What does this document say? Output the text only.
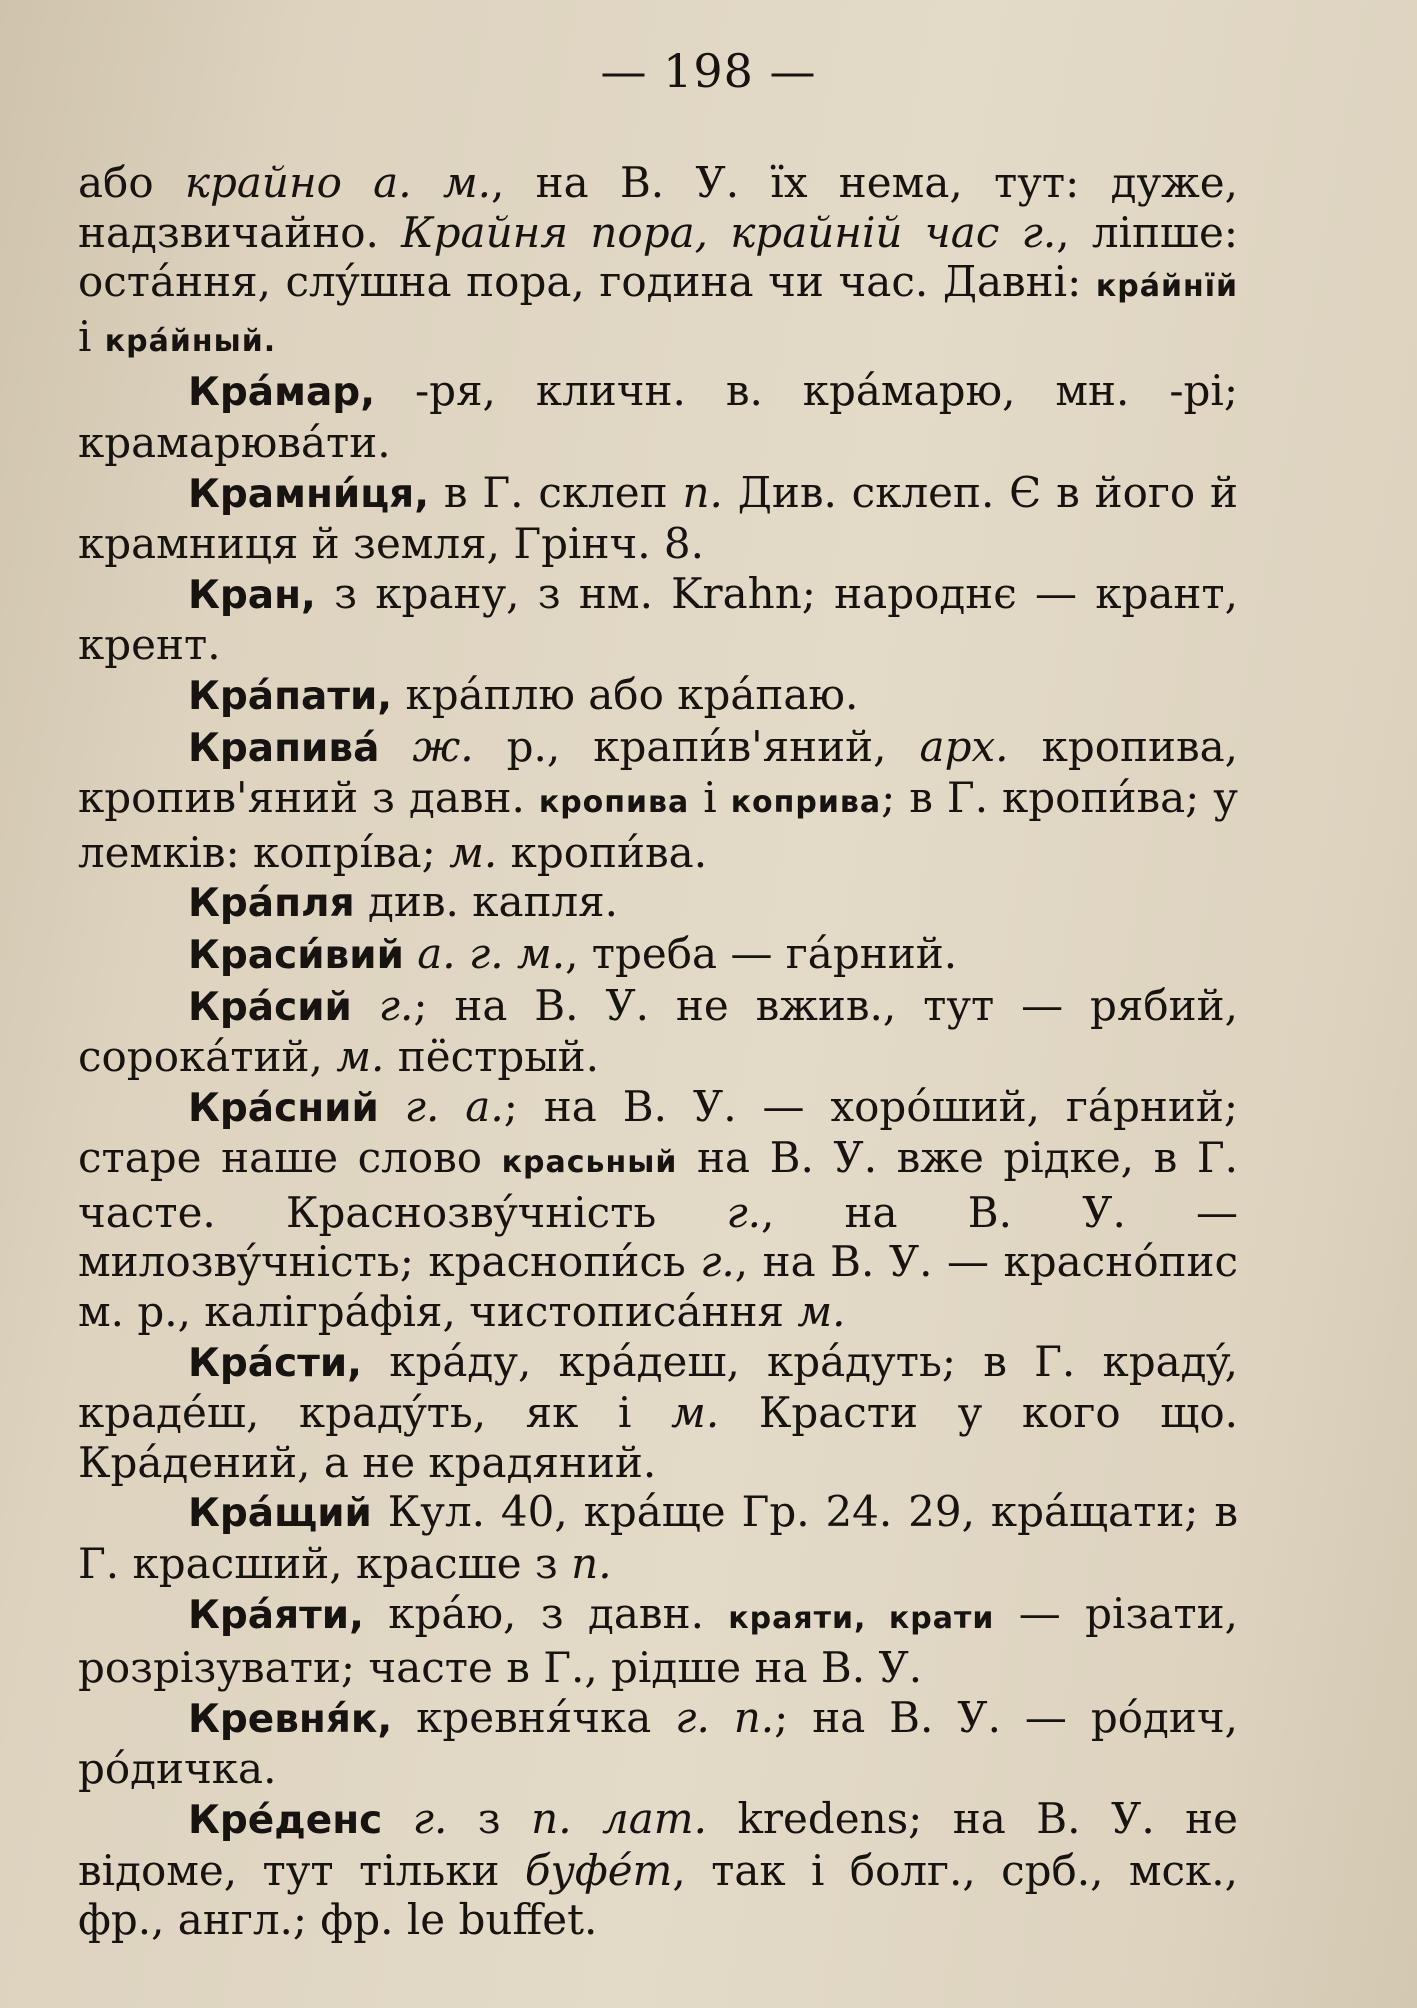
— 198 —

або крайно а. м., на В. У. їх нема, тут: дуже, надзвичайно. Крайня пора, крайній час г., ліпше: остáння, слýшна пора, година чи час. Давні: крáйнїй і крáйный.

Крáмар, -ря, кличн. в. крáмарю, мн. -рі; крамарювáти.

Крамни́ця, в Г. склеп п. Див. склеп. Є в його й крамниця й земля, Грінч. 8.

Кран, з крану, з нм. Krahn; народнє — крант, крент.

Крáпати, крáплю або крáпаю.

Крапивá ж. р., крапи́в'яний, арх. кропива, кропив'яний з давн. кропива і коприва; в Г. кропи́ва; у лемків: копрíва; м. кропи́ва.

Крáпля див. капля.

Краси́вий а. г. м., треба — гáрний.

Крáсий г.; на В. У. не вжив., тут — рябий, сорокáтий, м. пёстрый.

Крáсний г. а.; на В. У. — хорóший, гáрний; старе наше слово красьный на В. У. вже рідке, в Г. часте. Краснозвýчність г., на В. У. — милозвýчність; краснопи́сь г., на В. У. — краснóпис м. р., калігрáфія, чистописáння м.

Крáсти, крáду, крáдеш, крáдуть; в Г. крадý, крадéш, крадýть, як і м. Красти у кого що. Крáдений, а не крадяний.

Крáщий Кул. 40, крáще Гр. 24. 29, крáщати; в Г. красший, красше з п.

Крáяти, крáю, з давн. краяти, крати — різати, розрізувати; часте в Г., рідше на В. У.

Кревня́к, кревня́чка г. п.; на В. У. — рóдич, рóдичка.

Крéденс г. з п. лат. kredens; на В. У. не відоме, тут тільки буфéт, так і болг., срб., мск., фр., англ.; фр. le buffet.
